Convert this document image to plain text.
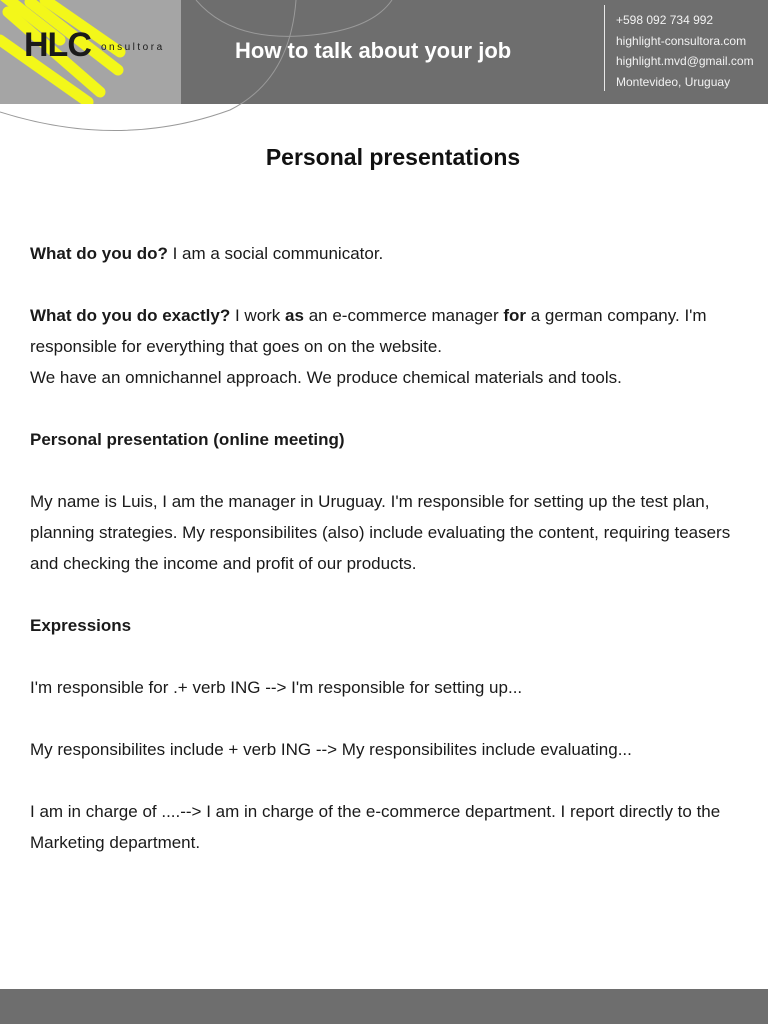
HLC onsultora	How to talk about your job
+598 092 734 992
highlight-consultora.com
highlight.mvd@gmail.com
Montevideo, Uruguay
Personal presentations

What do you do? I am a social communicator.

What do you do exactly? I work as an e-commerce manager for a german company. I'm responsible for everything that goes on on the website.
We have an omnichannel approach. We produce chemical materials and tools.

Personal presentation (online meeting)

My name is Luis, I am the manager in Uruguay. I'm responsible for setting up the test plan, planning strategies. My responsibilites (also) include evaluating the content, requiring teasers and checking the income and profit of our products.

Expressions

I'm responsible for .+ verb ING --> I'm responsible for setting up...

My responsibilites include + verb ING --> My responsibilites include evaluating...

I am in charge of ....--> I am in charge of the e-commerce department. I report directly to the Marketing department.
